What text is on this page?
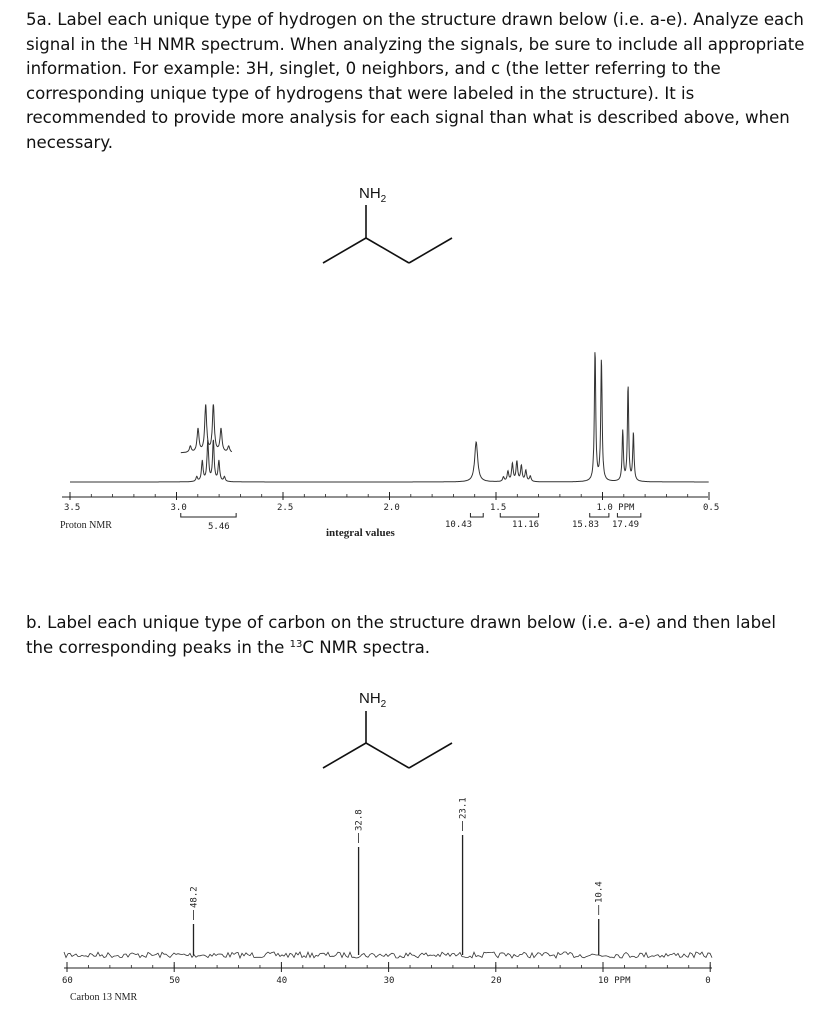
5a. Label each unique type of hydrogen on the structure drawn below (i.e. a-e). Analyze each signal in the $^1$H NMR spectrum. When analyzing the signals, be sure to include all appropriate information. For example: 3H, singlet, 0 neighbors, and c (the letter referring to the corresponding unique type of hydrogens that were labeled in the structure). It is recommended to provide more analysis for each signal than what is described above, when necessary.

b. Label each unique type of carbon on the structure drawn below (i.e. a-e) and then label the corresponding peaks in the $^{13}$C NMR spectra.

$NH_2$
$NH_2$
3.5	3.0	2.5	2.0	1.5	1.0 PPM	0.5
5.46	10.43	11.16	15.83 17.49
Proton NMR
integral values
48.2
32.8
23.1
10.4
60	50	40	30	20	10 PPM	0
Carbon 13 NMR
